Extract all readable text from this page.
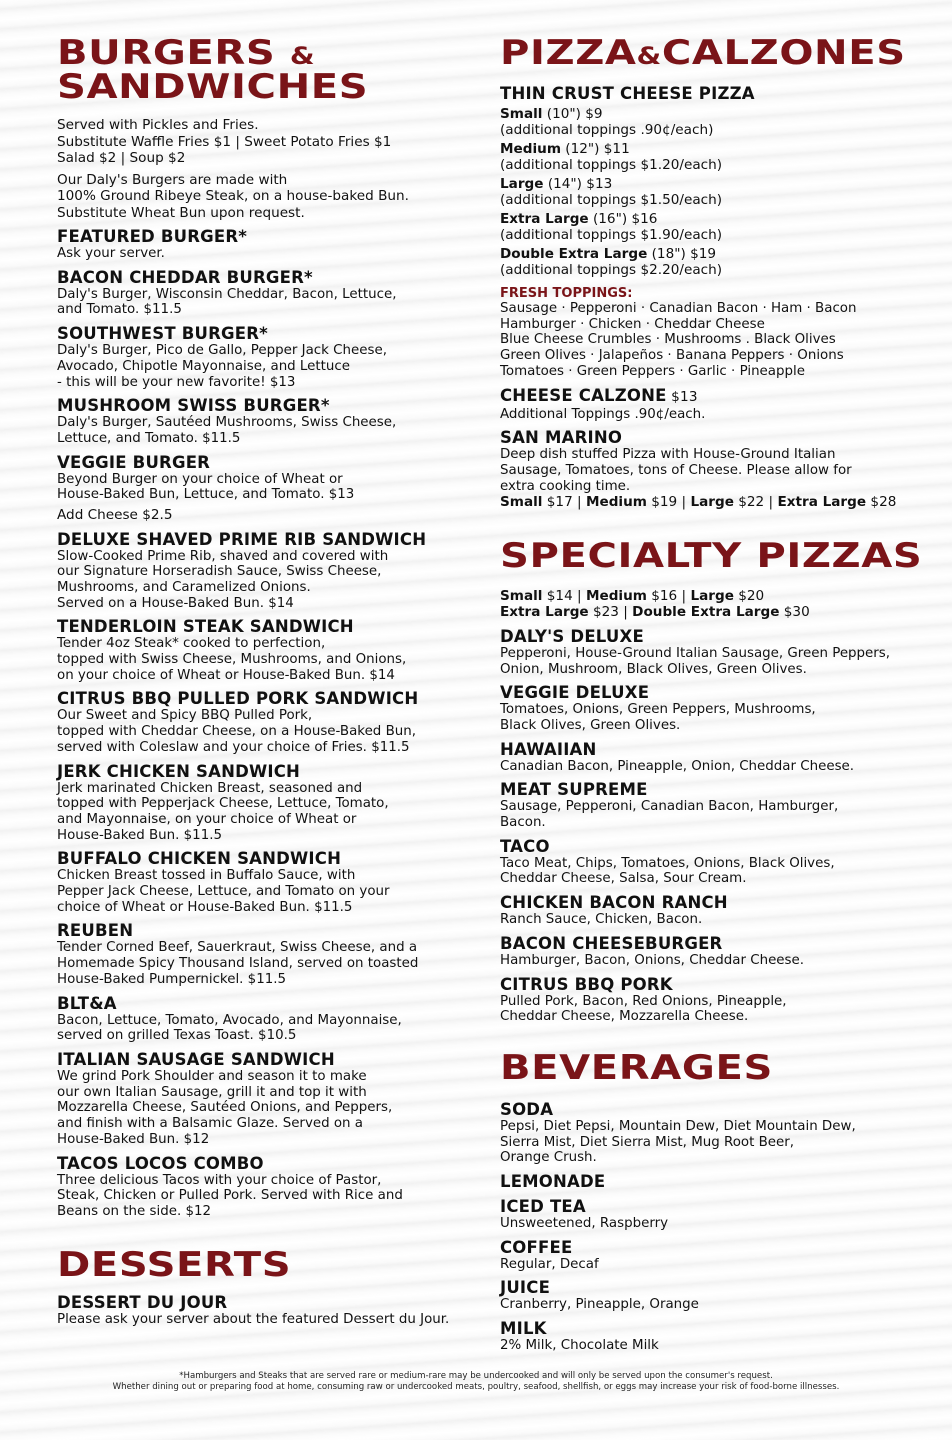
BURGERS &
SANDWICHES

Served with Pickles and Fries.

Substitute Waffle Fries $1 | Sweet Potato Fries $1

Salad $2 | Soup $2

Our Daly's Burgers are made with

100% Ground Ribeye Steak, on a house-baked Bun.

Substitute Wheat Bun upon request.

FEATURED BURGER*
Ask your server.
BACON CHEDDAR BURGER*
Daly's Burger, Wisconsin Cheddar, Bacon, Lettuce,
and Tomato. $11.5
SOUTHWEST BURGER*
Daly's Burger, Pico de Gallo, Pepper Jack Cheese,
Avocado, Chipotle Mayonnaise, and Lettuce
- this will be your new favorite! $13
MUSHROOM SWISS BURGER*
Daly's Burger, Sautéed Mushrooms, Swiss Cheese,
Lettuce, and Tomato. $11.5
VEGGIE BURGER
Beyond Burger on your choice of Wheat or
House-Baked Bun, Lettuce, and Tomato. $13
Add Cheese $2.5
DELUXE SHAVED PRIME RIB SANDWICH
Slow-Cooked Prime Rib, shaved and covered with
our Signature Horseradish Sauce, Swiss Cheese,
Mushrooms, and Caramelized Onions.
Served on a House-Baked Bun. $14
TENDERLOIN STEAK SANDWICH
Tender 4oz Steak* cooked to perfection,
topped with Swiss Cheese, Mushrooms, and Onions,
on your choice of Wheat or House-Baked Bun. $14
CITRUS BBQ PULLED PORK SANDWICH
Our Sweet and Spicy BBQ Pulled Pork,
topped with Cheddar Cheese, on a House-Baked Bun,
served with Coleslaw and your choice of Fries. $11.5
JERK CHICKEN SANDWICH
Jerk marinated Chicken Breast, seasoned and
topped with Pepperjack Cheese, Lettuce, Tomato,
and Mayonnaise, on your choice of Wheat or
House-Baked Bun. $11.5
BUFFALO CHICKEN SANDWICH
Chicken Breast tossed in Buffalo Sauce, with
Pepper Jack Cheese, Lettuce, and Tomato on your
choice of Wheat or House-Baked Bun. $11.5
REUBEN
Tender Corned Beef, Sauerkraut, Swiss Cheese, and a
Homemade Spicy Thousand Island, served on toasted
House-Baked Pumpernickel. $11.5
BLT&A
Bacon, Lettuce, Tomato, Avocado, and Mayonnaise,
served on grilled Texas Toast. $10.5
ITALIAN SAUSAGE SANDWICH
We grind Pork Shoulder and season it to make
our own Italian Sausage, grill it and top it with
Mozzarella Cheese, Sautéed Onions, and Peppers,
and finish with a Balsamic Glaze. Served on a
House-Baked Bun. $12
TACOS LOCOS COMBO
Three delicious Tacos with your choice of Pastor,
Steak, Chicken or Pulled Pork. Served with Rice and
Beans on the side. $12
DESSERTS
DESSERT DU JOUR
Please ask your server about the featured Dessert du Jour.
PIZZA&CALZONES
THIN CRUST CHEESE PIZZA
Small (10") $9
(additional toppings .90¢/each)
Medium (12") $11
(additional toppings $1.20/each)
Large (14") $13
(additional toppings $1.50/each)
Extra Large (16") $16
(additional toppings $1.90/each)
Double Extra Large (18") $19
(additional toppings $2.20/each)
FRESH TOPPINGS:
Sausage · Pepperoni · Canadian Bacon · Ham · Bacon
Hamburger · Chicken · Cheddar Cheese
Blue Cheese Crumbles · Mushrooms . Black Olives
Green Olives · Jalapeños · Banana Peppers · Onions
Tomatoes · Green Peppers · Garlic · Pineapple
CHEESE CALZONE $13
Additional Toppings .90¢/each.
SAN MARINO
Deep dish stuffed Pizza with House-Ground Italian
Sausage, Tomatoes, tons of Cheese. Please allow for
extra cooking time.
Small $17 | Medium $19 | Large $22 | Extra Large $28
SPECIALTY PIZZAS
Small $14 | Medium $16 | Large $20
Extra Large $23 | Double Extra Large $30
DALY'S DELUXE
Pepperoni, House-Ground Italian Sausage, Green Peppers,
Onion, Mushroom, Black Olives, Green Olives.
VEGGIE DELUXE
Tomatoes, Onions, Green Peppers, Mushrooms,
Black Olives, Green Olives.
HAWAIIAN
Canadian Bacon, Pineapple, Onion, Cheddar Cheese.
MEAT SUPREME
Sausage, Pepperoni, Canadian Bacon, Hamburger,
Bacon.
TACO
Taco Meat, Chips, Tomatoes, Onions, Black Olives,
Cheddar Cheese, Salsa, Sour Cream.
CHICKEN BACON RANCH
Ranch Sauce, Chicken, Bacon.
BACON CHEESEBURGER
Hamburger, Bacon, Onions, Cheddar Cheese.
CITRUS BBQ PORK
Pulled Pork, Bacon, Red Onions, Pineapple,
Cheddar Cheese, Mozzarella Cheese.
BEVERAGES
SODA
Pepsi, Diet Pepsi, Mountain Dew, Diet Mountain Dew,
Sierra Mist, Diet Sierra Mist, Mug Root Beer,
Orange Crush.
LEMONADE
ICED TEA
Unsweetened, Raspberry
COFFEE
Regular, Decaf
JUICE
Cranberry, Pineapple, Orange
MILK
2% Milk, Chocolate Milk
*Hamburgers and Steaks that are served rare or medium-rare may be undercooked and will only be served upon the consumer's request.
Whether dining out or preparing food at home, consuming raw or undercooked meats, poultry, seafood, shellfish, or eggs may increase your risk of food-borne illnesses.
